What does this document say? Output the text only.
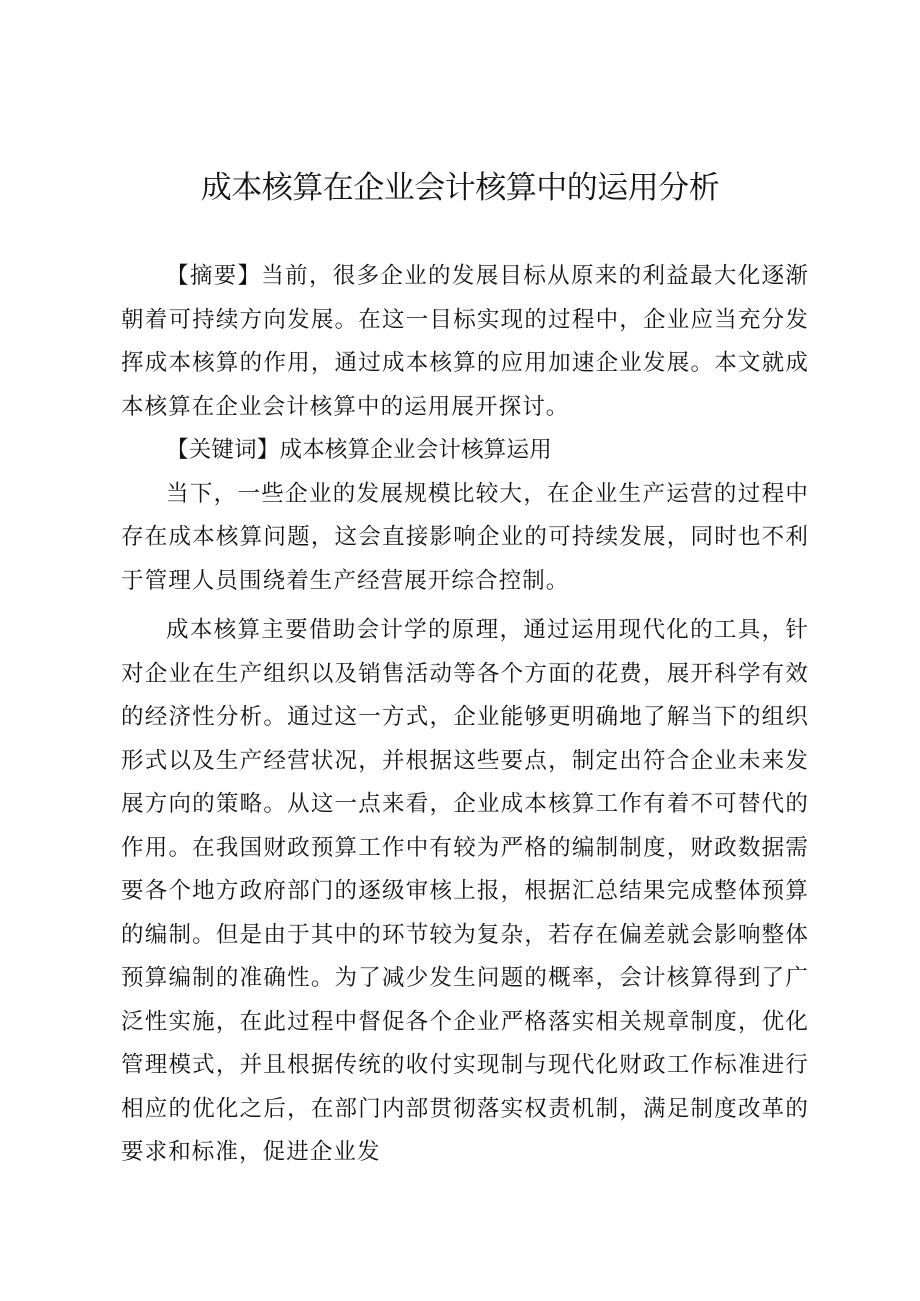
成本核算在企业会计核算中的运用分析

【摘要】当前，很多企业的发展目标从原来的利益最大化逐渐朝着可持续方向发展。在这一目标实现的过程中，企业应当充分发挥成本核算的作用，通过成本核算的应用加速企业发展。本文就成本核算在企业会计核算中的运用展开探讨。

【关键词】成本核算企业会计核算运用

当下，一些企业的发展规模比较大，在企业生产运营的过程中存在成本核算问题，这会直接影响企业的可持续发展，同时也不利于管理人员围绕着生产经营展开综合控制。

成本核算主要借助会计学的原理，通过运用现代化的工具，针对企业在生产组织以及销售活动等各个方面的花费，展开科学有效的经济性分析。通过这一方式，企业能够更明确地了解当下的组织形式以及生产经营状况，并根据这些要点，制定出符合企业未来发展方向的策略。从这一点来看，企业成本核算工作有着不可替代的作用。在我国财政预算工作中有较为严格的编制制度，财政数据需要各个地方政府部门的逐级审核上报，根据汇总结果完成整体预算的编制。但是由于其中的环节较为复杂，若存在偏差就会影响整体预算编制的准确性。为了减少发生问题的概率，会计核算得到了广泛性实施，在此过程中督促各个企业严格落实相关规章制度，优化管理模式，并且根据传统的收付实现制与现代化财政工作标准进行相应的优化之后，在部门内部贯彻落实权责机制，满足制度改革的要求和标准，促进企业发
